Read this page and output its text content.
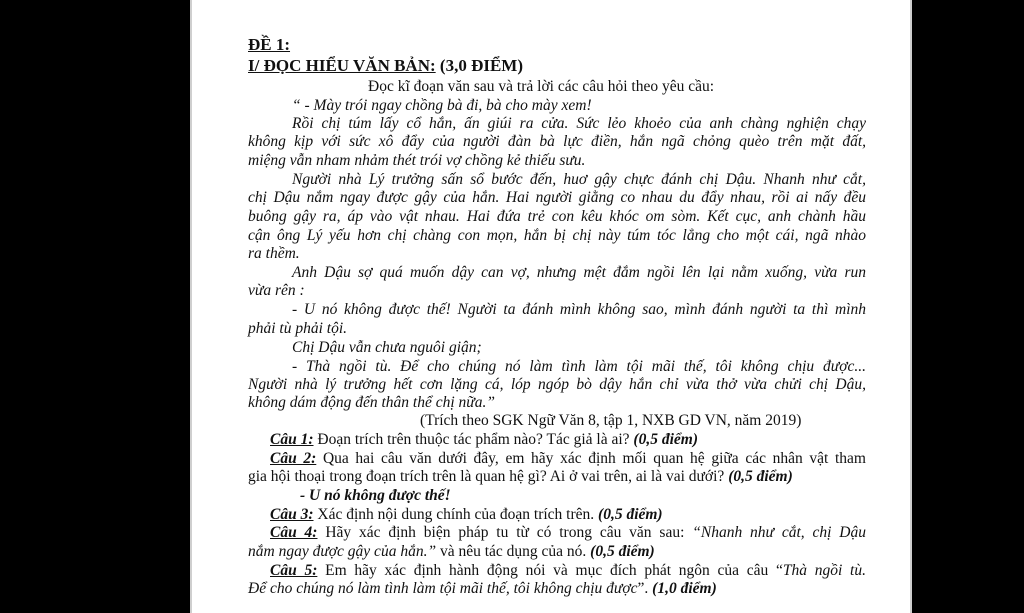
ĐỀ 1:
I/ ĐỌC HIỂU VĂN BẢN: (3,0 ĐIỂM)
Đọc kĩ đoạn văn sau và trả lời các câu hỏi theo yêu cầu:
“ - Mày trói ngay chồng bà đi, bà cho mày xem!
Rồi chị túm lấy cổ hắn, ấn giúi ra cửa. Sức lẻo khoẻo của anh chàng nghiện chạy
không kịp với sức xô đẩy của người đàn bà lực điền, hắn ngã chỏng quèo trên mặt đất,
miệng vẫn nham nhảm thét trói vợ chồng kẻ thiếu sưu.
Người nhà Lý trưởng sấn sổ bước đến, huơ gậy chực đánh chị Dậu. Nhanh như cắt,
chị Dậu nắm ngay được gậy của hắn. Hai người giằng co nhau du đẩy nhau, rồi ai nấy đều
buông gậy ra, áp vào vật nhau. Hai đứa trẻ con kêu khóc om sòm. Kết cục, anh chành hầu
cận ông Lý yếu hơn chị chàng con mọn, hắn bị chị này túm tóc lẳng cho một cái, ngã nhào
ra thềm.
Anh Dậu sợ quá muốn dậy can vợ, nhưng mệt đắm ngồi lên lại nằm xuống, vừa run
vừa rên :
- U nó không được thế! Người ta đánh mình không sao, mình đánh người ta thì mình
phải tù phải tội.
Chị Dậu vẫn chưa nguôi giận;
- Thà ngồi tù. Để cho chúng nó làm tình làm tội mãi thế, tôi không chịu được...
Người nhà lý trưởng hết cơn lặng cá, lóp ngóp bò dậy hắn chỉ vừa thở vừa chửi chị Dậu,
không dám động đến thân thể chị nữa.”
(Trích theo SGK Ngữ Văn 8, tập 1, NXB GD VN, năm 2019)
Câu 1: Đoạn trích trên thuộc tác phẩm nào? Tác giả là ai? (0,5 điểm)
Câu 2: Qua hai câu văn dưới đây, em hãy xác định mối quan hệ giữa các nhân vật tham
gia hội thoại trong đoạn trích trên là quan hệ gì? Ai ở vai trên, ai là vai dưới? (0,5 điểm)
- U nó không được thế!
Câu 3: Xác định nội dung chính của đoạn trích trên. (0,5 điểm)
Câu 4: Hãy xác định biện pháp tu từ có trong câu văn sau: “Nhanh như cắt, chị Dậu
nắm ngay được gậy của hắn.” và nêu tác dụng của nó. (0,5 điểm)
Câu 5: Em hãy xác định hành động nói và mục đích phát ngôn của câu “Thà ngồi tù.
Để cho chúng nó làm tình làm tội mãi thế, tôi không chịu được”. (1,0 điểm)
